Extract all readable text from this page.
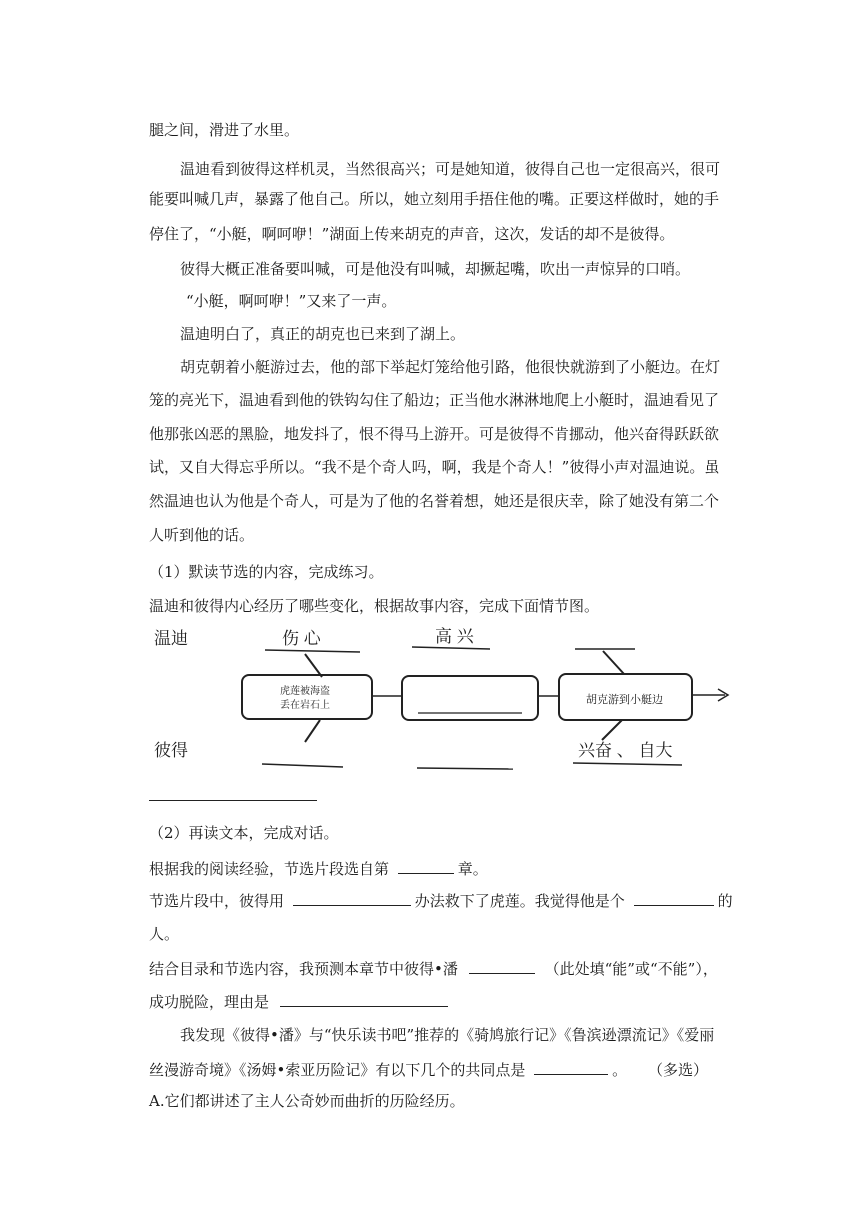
腿之间，滑进了水里。
温迪看到彼得这样机灵，当然很高兴；可是她知道，彼得自己也一定很高兴，很可
能要叫喊几声，暴露了他自己。所以，她立刻用手捂住他的嘴。正要这样做时，她的手
停住了，“小艇，啊呵咿！”湖面上传来胡克的声音，这次，发话的却不是彼得。
彼得大概正准备要叫喊，可是他没有叫喊，却撅起嘴，吹出一声惊异的口哨。
“小艇，啊呵咿！”又来了一声。
温迪明白了，真正的胡克也已来到了湖上。
胡克朝着小艇游过去，他的部下举起灯笼给他引路，他很快就游到了小艇边。在灯
笼的亮光下，温迪看到他的铁钩勾住了船边；正当他水淋淋地爬上小艇时，温迪看见了
他那张凶恶的黑脸，地发抖了，恨不得马上游开。可是彼得不肯挪动，他兴奋得跃跃欲
试，又自大得忘乎所以。“我不是个奇人吗，啊，我是个奇人！”彼得小声对温迪说。虽
然温迪也认为他是个奇人，可是为了他的名誉着想，她还是很庆幸，除了她没有第二个
人听到他的话。
（1）默读节选的内容，完成练习。
温迪和彼得内心经历了哪些变化，根据故事内容，完成下面情节图。
温迪
彼得
伤 心	高 兴
虎莲被海盗
丢在岩石上	胡克游到小艇边
兴奋 、 自大
（2）再读文本，完成对话。
根据我的阅读经验，节选片段选自第	章。
节选片段中，彼得用	办法救下了虎莲。我觉得他是个	的
人。
结合目录和节选内容，我预测本章节中彼得•潘	（此处填“能”或“不能”），
成功脱险，理由是
我发现《彼得•潘》与“快乐读书吧”推荐的《骑鸠旅行记》《鲁滨逊漂流记》《爱丽
丝漫游奇境》《汤姆•索亚历险记》有以下几个的共同点是	。 （多选）
A.它们都讲述了主人公奇妙而曲折的历险经历。
